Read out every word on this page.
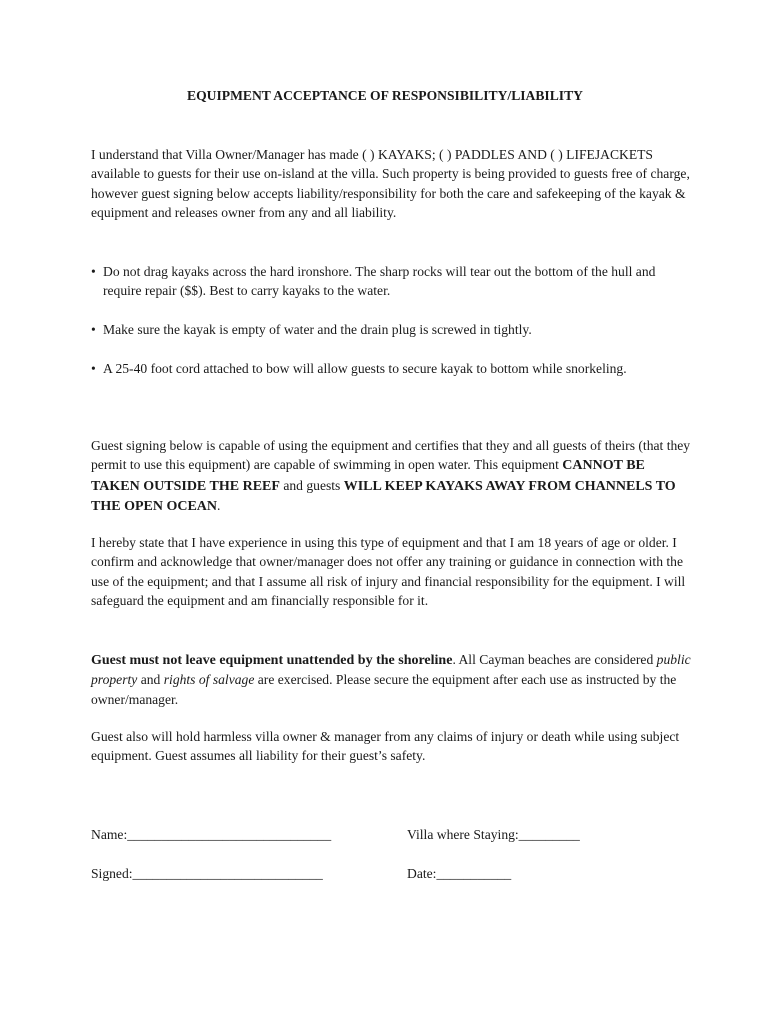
EQUIPMENT ACCEPTANCE OF RESPONSIBILITY/LIABILITY

I understand that Villa Owner/Manager has made ( ) KAYAKS; ( ) PADDLES AND ( ) LIFEJACKETS available to guests for their use on-island at the villa. Such property is being provided to guests free of charge, however guest signing below accepts liability/responsibility for both the care and safekeeping of the kayak & equipment and releases owner from any and all liability.

• Do not drag kayaks across the hard ironshore. The sharp rocks will tear out the bottom of the hull and require repair ($$). Best to carry kayaks to the water.
• Make sure the kayak is empty of water and the drain plug is screwed in tightly.
• A 25-40 foot cord attached to bow will allow guests to secure kayak to bottom while snorkeling.

Guest signing below is capable of using the equipment and certifies that they and all guests of theirs (that they permit to use this equipment) are capable of swimming in open water. This equipment CANNOT BE TAKEN OUTSIDE THE REEF and guests WILL KEEP KAYAKS AWAY FROM CHANNELS TO THE OPEN OCEAN.

I hereby state that I have experience in using this type of equipment and that I am 18 years of age or older. I confirm and acknowledge that owner/manager does not offer any training or guidance in connection with the use of the equipment; and that I assume all risk of injury and financial responsibility for the equipment. I will safeguard the equipment and am financially responsible for it.

Guest must not leave equipment unattended by the shoreline. All Cayman beaches are considered public property and rights of salvage are exercised. Please secure the equipment after each use as instructed by the owner/manager.

Guest also will hold harmless villa owner & manager from any claims of injury or death while using subject equipment. Guest assumes all liability for their guest’s safety.

Name:______________________________	Villa where Staying:_________
Signed:____________________________	Date:___________
